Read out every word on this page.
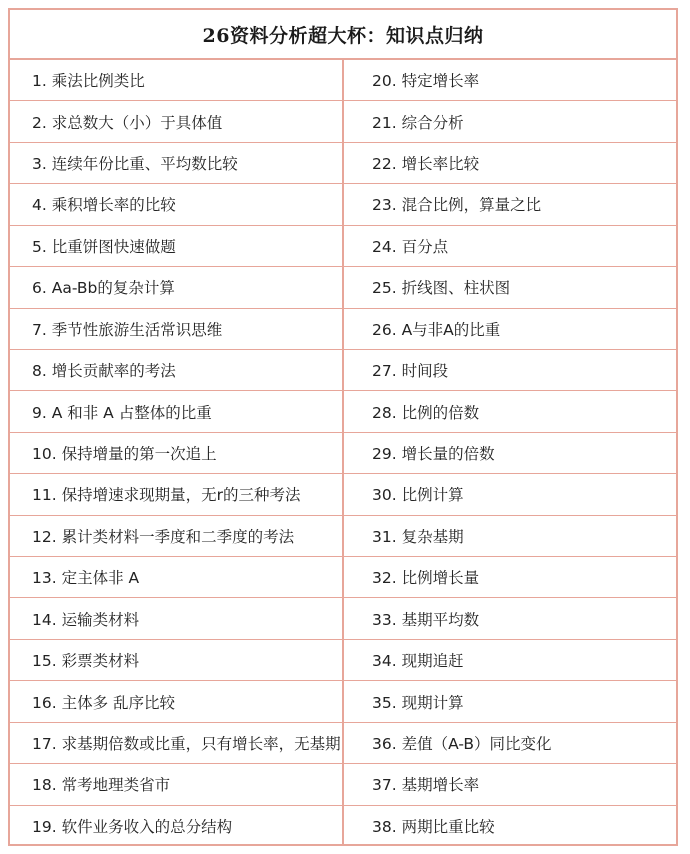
26资料分析超大杯：知识点归纳
1. 乘法比例类比
2. 求总数大（小）于具体值
3. 连续年份比重、平均数比较
4. 乘积增长率的比较
5. 比重饼图快速做题
6. Aa-Bb的复杂计算
7. 季节性旅游生活常识思维
8. 增长贡献率的考法
9. A 和非 A 占整体的比重
10. 保持增量的第一次追上
11. 保持增速求现期量，无r的三种考法
12. 累计类材料一季度和二季度的考法
13. 定主体非 A
14. 运输类材料
15. 彩票类材料
16. 主体多 乱序比较
17. 求基期倍数或比重，只有增长率，无基期
18. 常考地理类省市
19. 软件业务收入的总分结构
20. 特定增长率
21. 综合分析
22. 增长率比较
23. 混合比例，算量之比
24. 百分点
25. 折线图、柱状图
26. A与非A的比重
27. 时间段
28. 比例的倍数
29. 增长量的倍数
30. 比例计算
31. 复杂基期
32. 比例增长量
33. 基期平均数
34. 现期追赶
35. 现期计算
36. 差值（A-B）同比变化
37. 基期增长率
38. 两期比重比较
